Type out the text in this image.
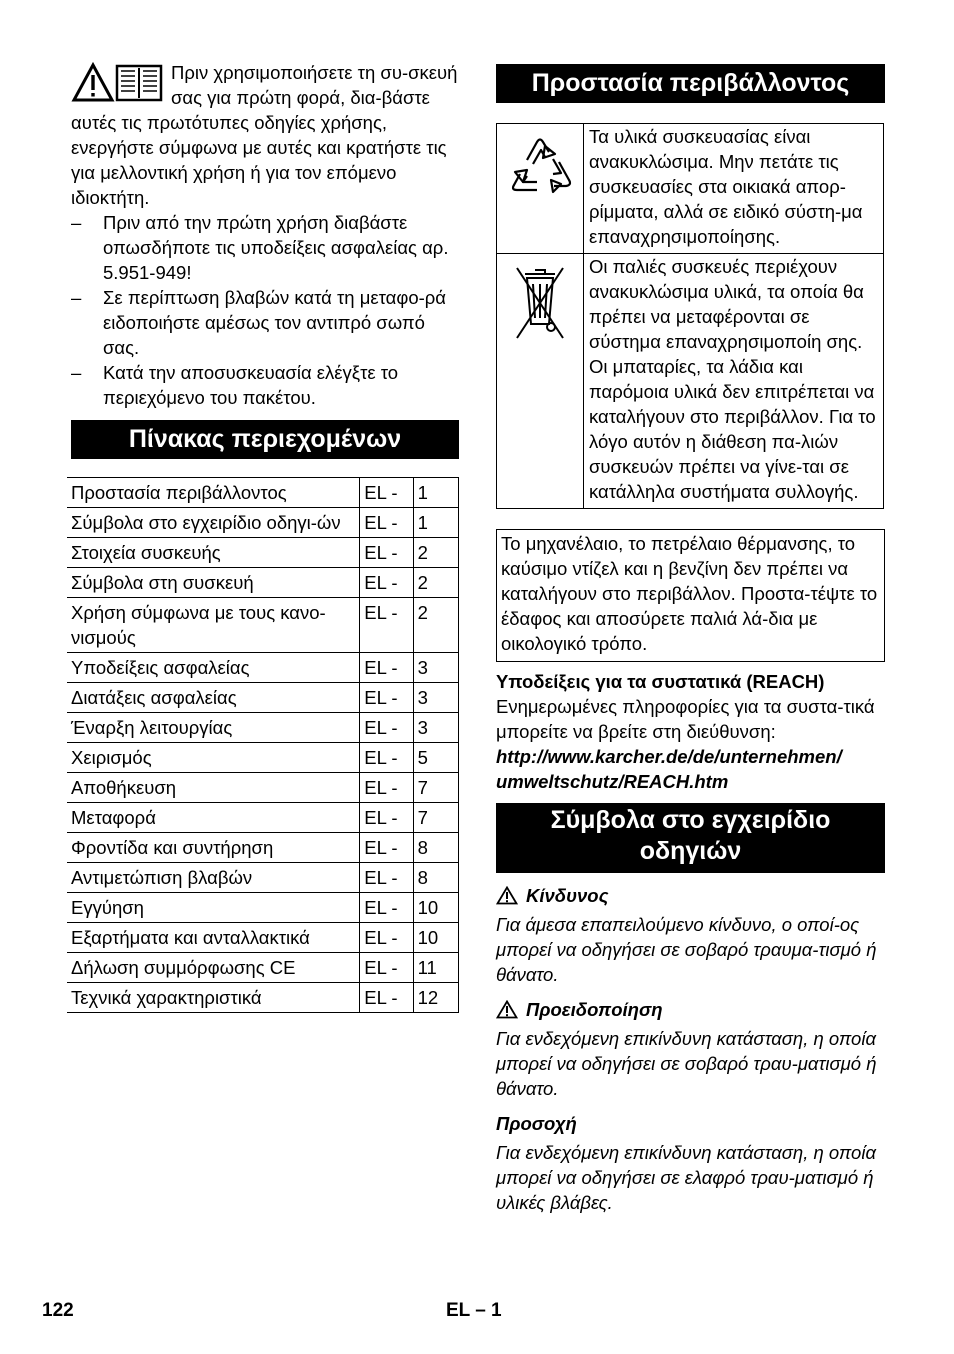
Πριν χρησιμοποιήσετε τη συ-σκευή σας για πρώτη φορά, δια-βάστε αυτές τις πρωτότυπες οδηγίες χρήσης, ενεργήστε σύμφωνα με αυτές και κρατήστε τις για μελλοντική χρήση ή για τον επόμενο ιδιοκτήτη.

– Πριν από την πρώτη χρήση διαβάστε οπωσδήποτε τις υποδείξεις ασφαλείας αρ. 5.951-949!
– Σε περίπτωση βλαβών κατά τη μεταφο-ρά ειδοποιήστε αμέσως τον αντιπρό σωπό σας.
– Κατά την αποσυσκευασία ελέγξτε το περιεχόμενο του πακέτου.
Πίνακας περιεχομένων
Προστασία περιβάλλοντος	EL -	1
Σύμβολα στο εγχειρίδιο οδηγι-ών	EL -	1
Στοιχεία συσκευής	EL -	2
Σύμβολα στη συσκευή	EL -	2
Χρήση σύμφωνα με τους κανο-νισμούς	EL -	2
Υποδείξεις ασφαλείας	EL -	3
Διατάξεις ασφαλείας	EL -	3
Έναρξη λειτουργίας	EL -	3
Χειρισμός	EL -	5
Αποθήκευση	EL -	7
Μεταφορά	EL -	7
Φροντίδα και συντήρηση	EL -	8
Αντιμετώπιση βλαβών	EL -	8
Εγγύηση	EL -	10
Εξαρτήματα και ανταλλακτικά	EL -	10
Δήλωση συμμόρφωσης CE	EL -	11
Τεχνικά χαρακτηριστικά	EL -	12
Προστασία περιβάλλοντος
	Τα υλικά συσκευασίας είναι ανακυκλώσιμα. Μην πετάτε τις συσκευασίες στα οικιακά απορ-ρίμματα, αλλά σε ειδικό σύστη-μα επαναχρησιμοποίησης.
	Οι παλιές συσκευές περιέχουν ανακυκλώσιμα υλικά, τα οποία θα πρέπει να μεταφέρονται σε σύστημα επαναχρησιμοποίη σης. Οι μπαταρίες, τα λάδια και παρόμοια υλικά δεν επιτρέπεται να καταλήγουν στο περιβάλλον. Για το λόγο αυτόν η διάθεση πα-λιών συσκευών πρέπει να γίνε-ται σε κατάλληλα συστήματα συλλογής.
Το μηχανέλαιο, το πετρέλαιο θέρμανσης, το καύσιμο ντίζελ και η βενζίνη δεν πρέπει να καταλήγουν στο περιβάλλον. Προστα-τέψτε το έδαφος και αποσύρετε παλιά λά-δια με οικολογικό τρόπο.
Υποδείξεις για τα συστατικά (REACH)
Ενημερωμένες πληροφορίες για τα συστα-τικά μπορείτε να βρείτε στη διεύθυνση:
http://www.karcher.de/de/unternehmen/
umweltschutz/REACH.htm
Σύμβολα στο εγχειρίδιο
οδηγιών
Κίνδυνος

Για άμεσα επαπειλούμενο κίνδυνο, ο οποί-ος μπορεί να οδηγήσει σε σοβαρό τραυμα-τισμό ή θάνατο.

Προειδοποίηση

Για ενδεχόμενη επικίνδυνη κατάσταση, η οποία μπορεί να οδηγήσει σε σοβαρό τραυ-ματισμό ή θάνατο.

Προσοχή

Για ενδεχόμενη επικίνδυνη κατάσταση, η οποία μπορεί να οδηγήσει σε ελαφρό τραυ-ματισμό ή υλικές βλάβες.

122	EL – 1
